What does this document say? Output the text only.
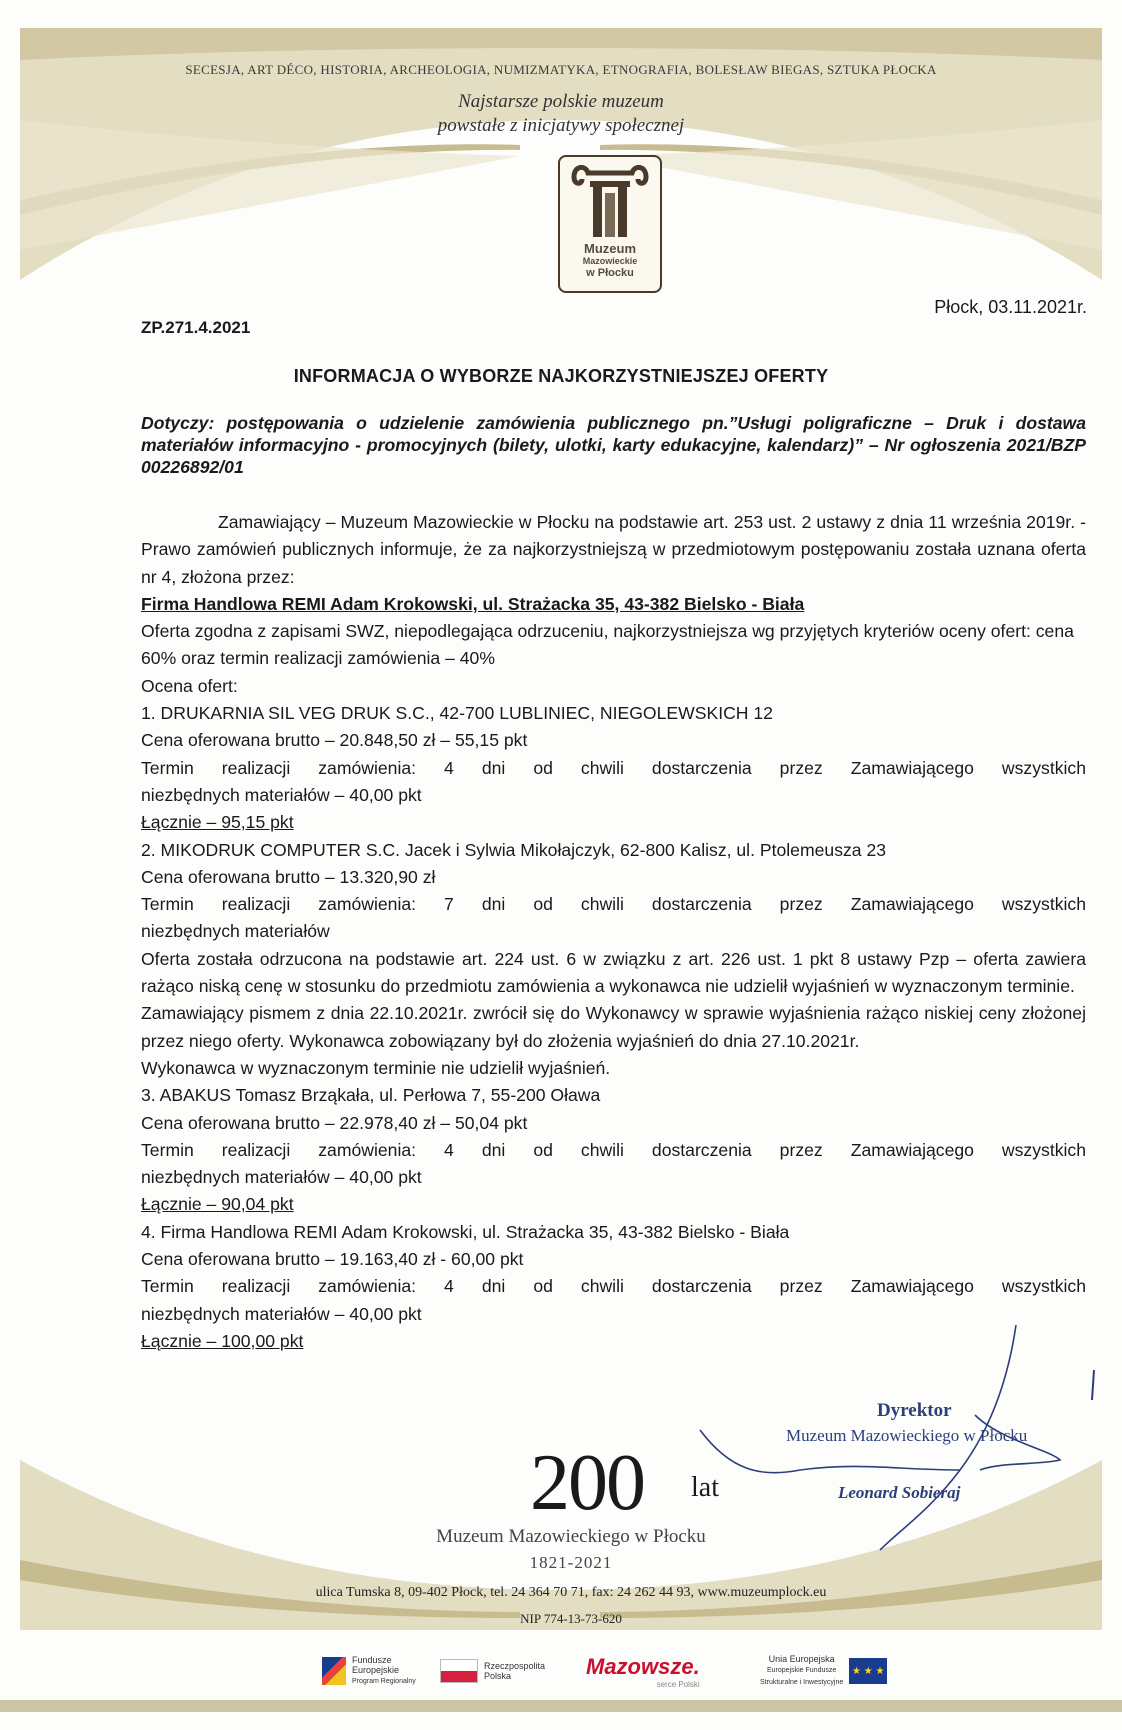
SECESJA, ART DÉCO, HISTORIA, ARCHEOLOGIA, NUMIZMATYKA, ETNOGRAFIA, BOLESŁAW BIEGAS, SZTUKA PŁOCKA
Najstarsze polskie muzeum
powstałe z inicjatywy społecznej
Muzeum
Mazowieckie
w Płocku
ZP.271.4.2021
Płock, 03.11.2021r.
INFORMACJA O WYBORZE NAJKORZYSTNIEJSZEJ OFERTY
Dotyczy: postępowania o udzielenie zamówienia publicznego pn.”Usługi poligraficzne – Druk i dostawa materiałów informacyjno - promocyjnych (bilety, ulotki, karty edukacyjne, kalendarz)” – Nr ogłoszenia 2021/BZP 00226892/01

Zamawiający – Muzeum Mazowieckie w Płocku na podstawie art. 253 ust. 2 ustawy z dnia 11 września 2019r. - Prawo zamówień publicznych informuje, że za najkorzystniejszą w przedmiotowym postępowaniu została uznana oferta nr 4, złożona przez:

Firma Handlowa REMI Adam Krokowski, ul. Strażacka 35, 43-382 Bielsko - Biała

Oferta zgodna z zapisami SWZ, niepodlegająca odrzuceniu, najkorzystniejsza wg przyjętych kryteriów oceny ofert: cena 60% oraz termin realizacji zamówienia – 40%

Ocena ofert:

1. DRUKARNIA SIL VEG DRUK S.C., 42-700 LUBLINIEC, NIEGOLEWSKICH 12

Cena oferowana brutto – 20.848,50 zł – 55,15 pkt

Termin realizacji zamówienia: 4 dni od chwili dostarczenia przez Zamawiającego wszystkich

niezbędnych materiałów – 40,00 pkt

Łącznie – 95,15 pkt

2. MIKODRUK COMPUTER S.C. Jacek i Sylwia Mikołajczyk, 62-800 Kalisz, ul. Ptolemeusza 23

Cena oferowana brutto – 13.320,90 zł

Termin realizacji zamówienia: 7 dni od chwili dostarczenia przez Zamawiającego wszystkich

niezbędnych materiałów

Oferta została odrzucona na podstawie art. 224 ust. 6 w związku z art. 226 ust. 1 pkt 8 ustawy Pzp – oferta zawiera rażąco niską cenę w stosunku do przedmiotu zamówienia a wykonawca nie udzielił wyjaśnień w wyznaczonym terminie.

Zamawiający pismem z dnia 22.10.2021r. zwrócił się do Wykonawcy w sprawie wyjaśnienia rażąco niskiej ceny złożonej przez niego oferty. Wykonawca zobowiązany był do złożenia wyjaśnień do dnia 27.10.2021r.

Wykonawca w wyznaczonym terminie nie udzielił wyjaśnień.

3. ABAKUS Tomasz Brząkała, ul. Perłowa 7, 55-200 Oława

Cena oferowana brutto – 22.978,40 zł – 50,04 pkt

Termin realizacji zamówienia: 4 dni od chwili dostarczenia przez Zamawiającego wszystkich

niezbędnych materiałów – 40,00 pkt

Łącznie – 90,04 pkt

4. Firma Handlowa REMI Adam Krokowski, ul. Strażacka 35, 43-382 Bielsko - Biała

Cena oferowana brutto – 19.163,40 zł - 60,00 pkt

Termin realizacji zamówienia: 4 dni od chwili dostarczenia przez Zamawiającego wszystkich

niezbędnych materiałów – 40,00 pkt

Łącznie – 100,00 pkt

200 lat
Muzeum Mazowieckiego w Płocku
1821-2021
Dyrektor
Muzeum Mazowieckiego w Płocku
Leonard Sobieraj
ulica Tumska 8, 09-402 Płock, tel. 24 364 70 71, fax: 24 262 44 93, www.muzeumplock.eu
NIP 774-13-73-620
Fundusze
Europejskie
Program Regionalny
Rzeczpospolita
Polska	Mazowsze.
serce Polski
Unia Europejska
Europejskie Fundusze
Strukturalne i Inwestycyjne
★ ★ ★
